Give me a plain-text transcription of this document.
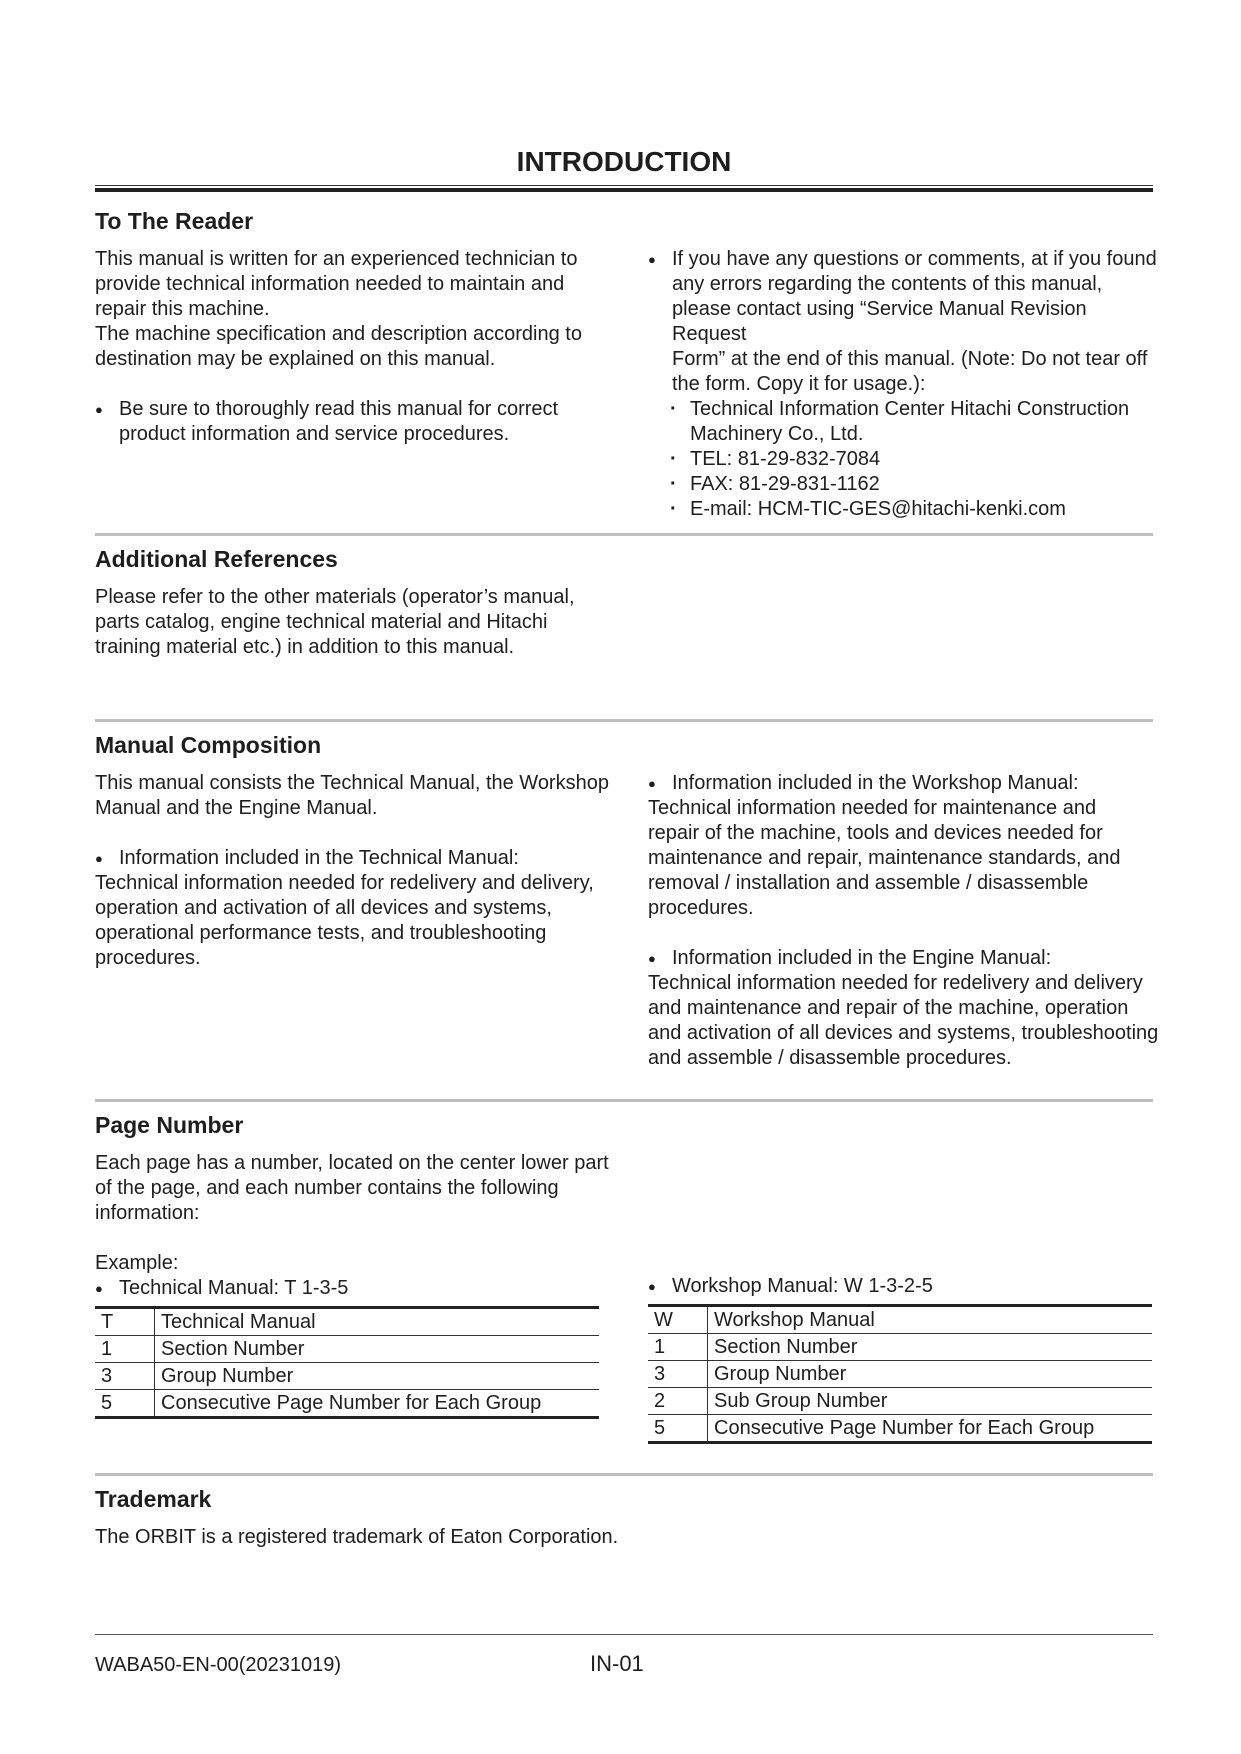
INTRODUCTION
To The Reader
This manual is written for an experienced technician to
provide technical information needed to maintain and
repair this machine.
The machine specification and description according to
destination may be explained on this manual.
● Be sure to thoroughly read this manual for correct
product information and service procedures.
● If you have any questions or comments, at if you found
any errors regarding the contents of this manual,
please contact using “Service Manual Revision Request
Form” at the end of this manual. (Note: Do not tear off
the form. Copy it for usage.):
· Technical Information Center Hitachi Construction
Machinery Co., Ltd.
· TEL: 81-29-832-7084
· FAX: 81-29-831-1162
· E-mail: HCM-TIC-GES@hitachi-kenki.com
Additional References
Please refer to the other materials (operator’s manual,
parts catalog, engine technical material and Hitachi
training material etc.) in addition to this manual.
Manual Composition
This manual consists the Technical Manual, the Workshop
Manual and the Engine Manual.
● Information included in the Technical Manual:
Technical information needed for redelivery and delivery,
operation and activation of all devices and systems,
operational performance tests, and troubleshooting
procedures.
● Information included in the Workshop Manual:
Technical information needed for maintenance and
repair of the machine, tools and devices needed for
maintenance and repair, maintenance standards, and
removal / installation and assemble / disassemble
procedures.
● Information included in the Engine Manual:
Technical information needed for redelivery and delivery
and maintenance and repair of the machine, operation
and activation of all devices and systems, troubleshooting
and assemble / disassemble procedures.
Page Number
Each page has a number, located on the center lower part
of the page, and each number contains the following
information:
Example:
● Technical Manual: T 1-3-5
T	Technical Manual
1	Section Number
3	Group Number
5	Consecutive Page Number for Each Group
● Workshop Manual: W 1-3-2-5
W	Workshop Manual
1	Section Number
3	Group Number
2	Sub Group Number
5	Consecutive Page Number for Each Group
Trademark
The ORBIT is a registered trademark of Eaton Corporation.
WABA50-EN-00(20231019)	IN-01
